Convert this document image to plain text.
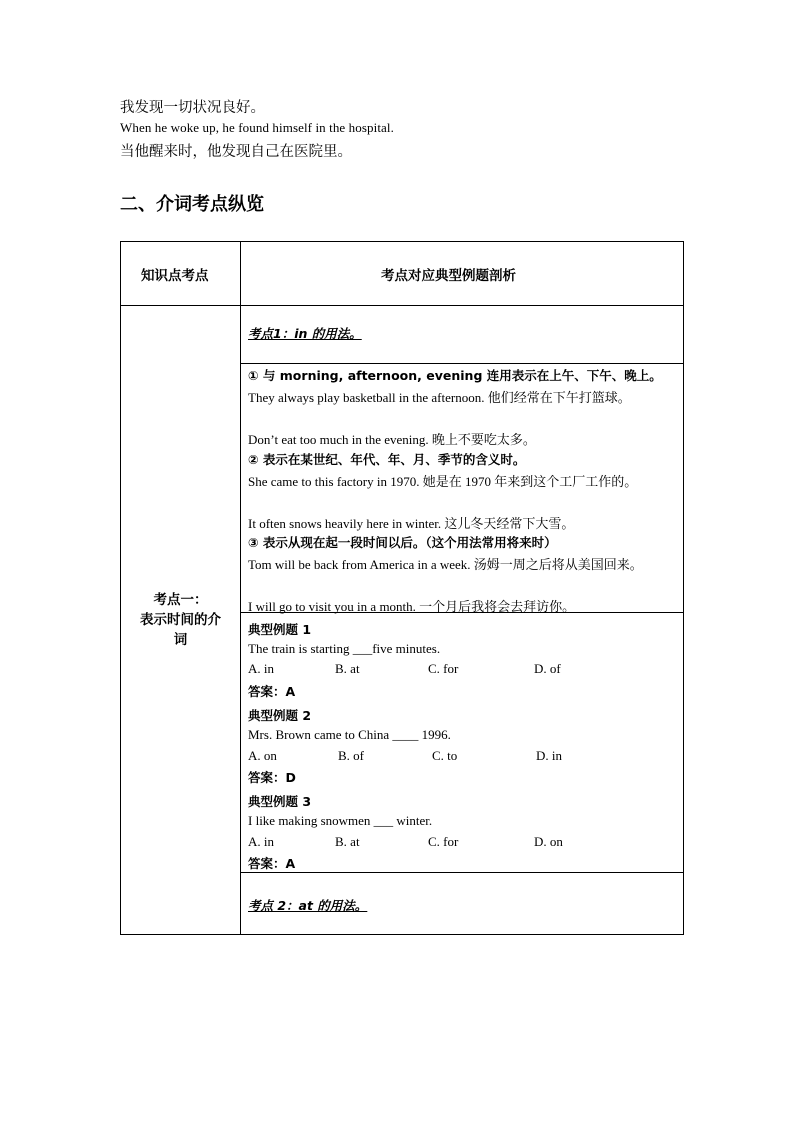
我发现一切状况良好。
When he woke up, he found himself in the hospital.
当他醒来时，他发现自己在医院里。
二、介词考点纵览
知识点考点	考点对应典型例题剖析
考点一：
表示时间的介
词
考点1：in 的用法。
① 与 morning, afternoon, evening 连用表示在上午、下午、晚上。
They always play basketball in the afternoon. 他们经常在下午打篮球。
Don’t eat too much in the evening. 晚上不要吃太多。
② 表示在某世纪、年代、年、月、季节的含义时。
She came to this factory in 1970. 她是在 1970 年来到这个工厂工作的。
It often snows heavily here in winter. 这儿冬天经常下大雪。
③ 表示从现在起一段时间以后。（这个用法常用将来时）
Tom will be back from America in a week. 汤姆一周之后将从美国回来。
I will go to visit you in a month. 一个月后我将会去拜访你。
典型例题 1
The train is starting ___five minutes.
A. in	B. at	C. for	D. of
答案：A
典型例题 2
Mrs. Brown came to China ____ 1996.
A. on	B. of	C. to	D. in
答案：D
典型例题 3
I like making snowmen ___ winter.
A. in	B. at	C. for	D. on
答案：A
考点 2：at 的用法。
